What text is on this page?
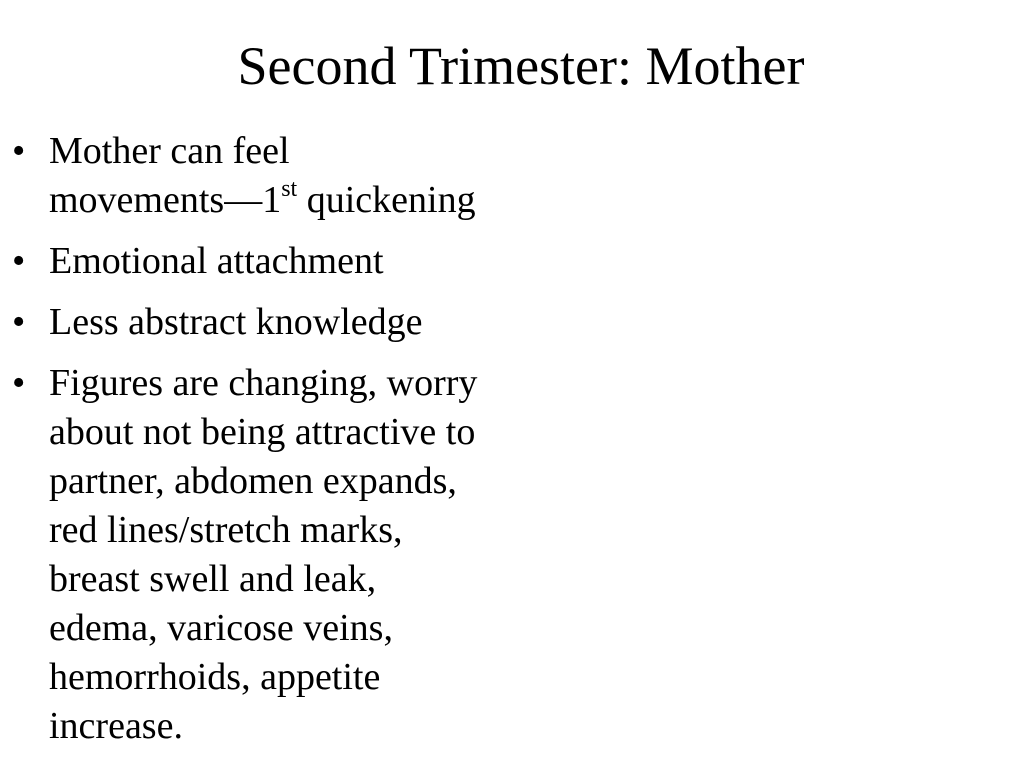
Second Trimester: Mother
• Mother can feel
movements—1st quickening
• Emotional attachment
• Less abstract knowledge
• Figures are changing, worry
about not being attractive to
partner, abdomen expands,
red lines/stretch marks,
breast swell and leak,
edema, varicose veins,
hemorrhoids, appetite
increase.
